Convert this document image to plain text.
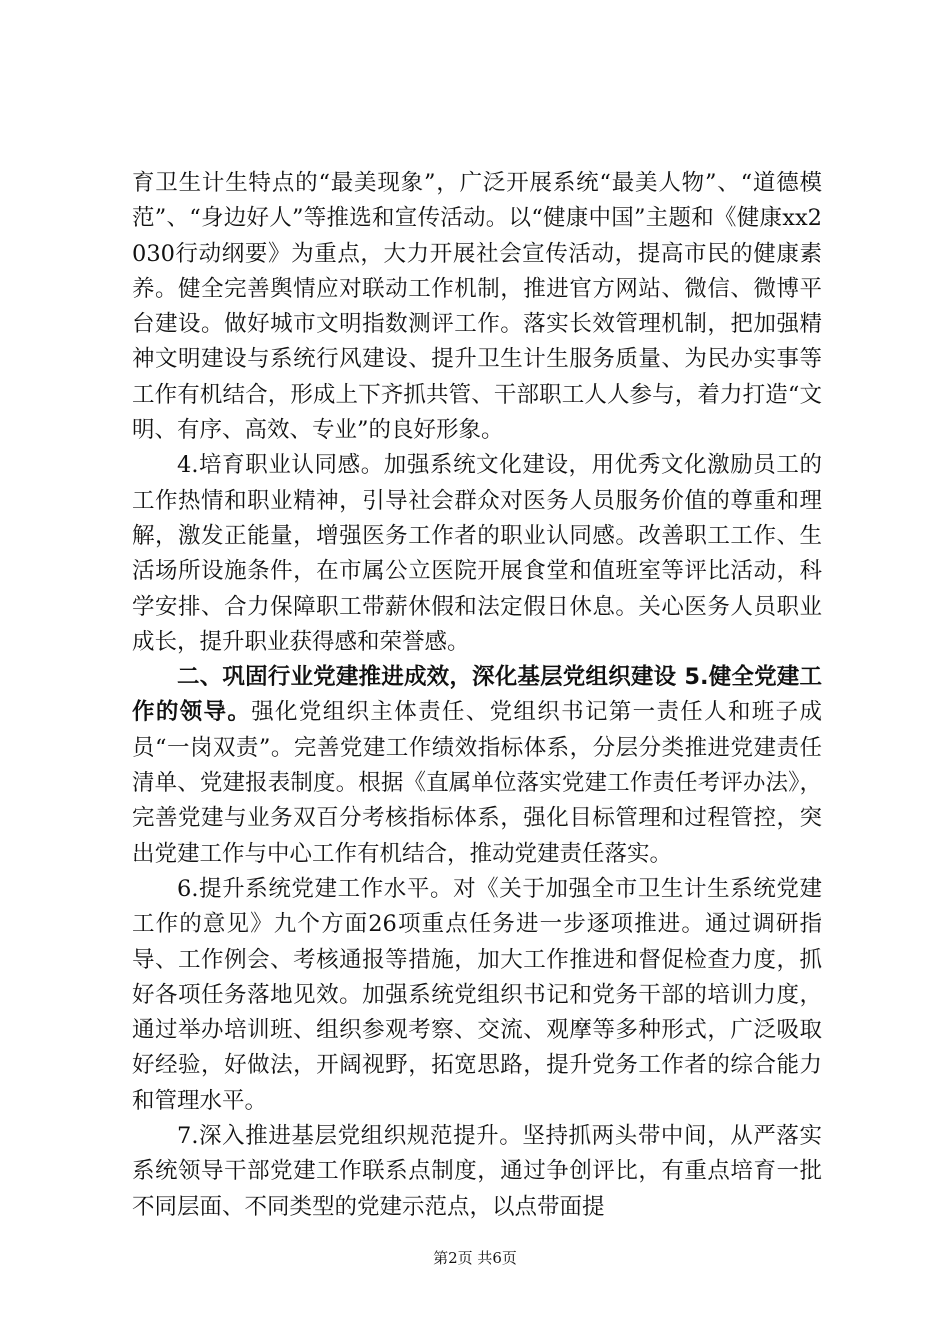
育卫生计生特点的“最美现象”，广泛开展系统“最美人物”、“道德模范”、“身边好人”等推选和宣传活动。以“健康中国”主题和《健康xx2030行动纲要》为重点，大力开展社会宣传活动，提高市民的健康素养。健全完善舆情应对联动工作机制，推进官方网站、微信、微博平台建设。做好城市文明指数测评工作。落实长效管理机制，把加强精神文明建设与系统行风建设、提升卫生计生服务质量、为民办实事等工作有机结合，形成上下齐抓共管、干部职工人人参与，着力打造“文明、有序、高效、专业”的良好形象。

4.培育职业认同感。加强系统文化建设，用优秀文化激励员工的工作热情和职业精神，引导社会群众对医务人员服务价值的尊重和理解，激发正能量，增强医务工作者的职业认同感。改善职工工作、生活场所设施条件，在市属公立医院开展食堂和值班室等评比活动，科学安排、合力保障职工带薪休假和法定假日休息。关心医务人员职业成长，提升职业获得感和荣誉感。

二、巩固行业党建推进成效，深化基层党组织建设 5.健全党建工作的领导。强化党组织主体责任、党组织书记第一责任人和班子成员“一岗双责”。完善党建工作绩效指标体系，分层分类推进党建责任清单、党建报表制度。根据《直属单位落实党建工作责任考评办法》，完善党建与业务双百分考核指标体系，强化目标管理和过程管控，突出党建工作与中心工作有机结合，推动党建责任落实。

6.提升系统党建工作水平。对《关于加强全市卫生计生系统党建工作的意见》九个方面26项重点任务进一步逐项推进。通过调研指导、工作例会、考核通报等措施，加大工作推进和督促检查力度，抓好各项任务落地见效。加强系统党组织书记和党务干部的培训力度，通过举办培训班、组织参观考察、交流、观摩等多种形式，广泛吸取好经验，好做法，开阔视野，拓宽思路，提升党务工作者的综合能力和管理水平。

7.深入推进基层党组织规范提升。坚持抓两头带中间，从严落实系统领导干部党建工作联系点制度，通过争创评比，有重点培育一批不同层面、不同类型的党建示范点，以点带面提

第2页 共6页
